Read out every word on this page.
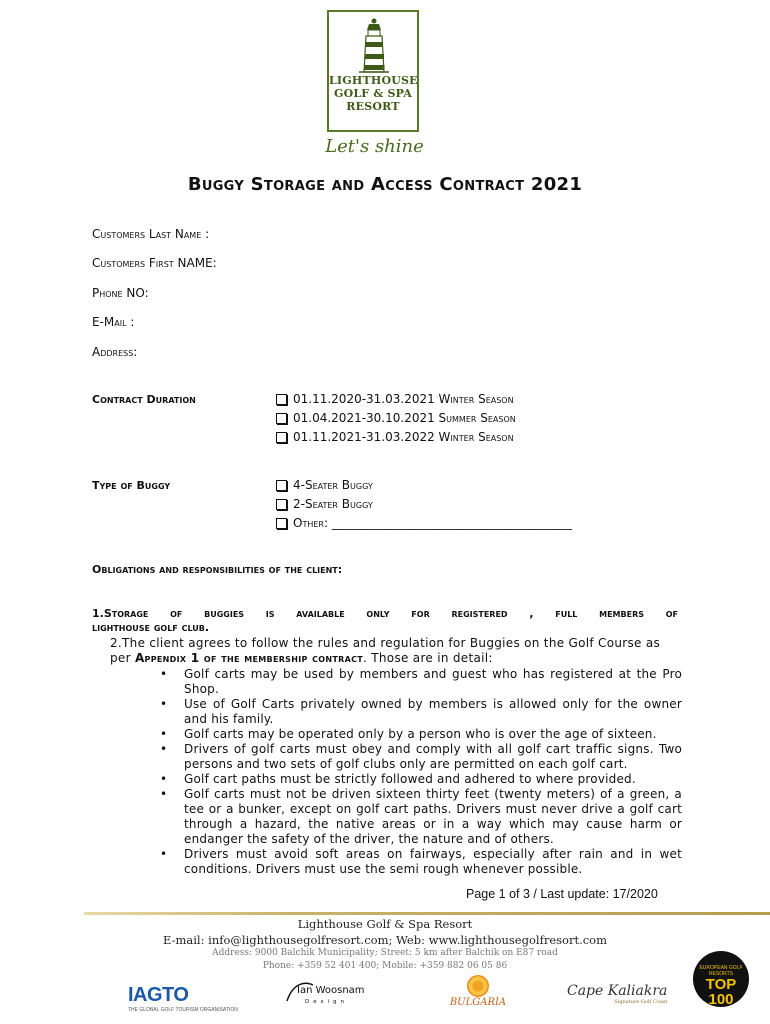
LIGHTHOUSE
GOLF & SPA
RESORT
Let's shine
Buggy Storage and Access Contract 2021
Customers Last Name :
Customers First NAME:
Phone NO:
E-Mail :
Address:
Contract Duration	01.11.2020-31.03.2021 Winter Season
01.04.2021-30.10.2021 Summer Season
01.11.2021-31.03.2022 Winter Season
Type of Buggy	4-Seater Buggy
2-Seater Buggy
Other: ________________________________________
Obligations and responsibilities of the client:
1.Storage of buggies is available only for registered , full members of
lighthouse golf club.
2.The client agrees to follow the rules and regulation for Buggies on the Golf Course as per Appendix 1 of the membership contract. Those are in detail:
• Golf carts may be used by members and guest who has registered at the Pro Shop.
• Use of Golf Carts privately owned by members is allowed only for the owner and his family.
• Golf carts may be operated only by a person who is over the age of sixteen.
• Drivers of golf carts must obey and comply with all golf cart traffic signs. Two persons and two sets of golf clubs only are permitted on each golf cart.
• Golf cart paths must be strictly followed and adhered to where provided.
• Golf carts must not be driven sixteen thirty feet (twenty meters) of a green, a tee or a bunker, except on golf cart paths. Drivers must never drive a golf cart through a hazard, the native areas or in a way which may cause harm or endanger the safety of the driver, the nature and of others.
• Drivers must avoid soft areas on fairways, especially after rain and in wet conditions. Drivers must use the semi rough whenever possible.
Page 1 of 3 / Last update: 17/2020
Lighthouse Golf & Spa Resort
E-mail: info@lighthousegolfresort.com; Web: www.lighthousegolfresort.com
Address: 9000 Balchik Municipality; Street: 5 km after Balchik on E87 road
Phone: +359 52 401 400; Mobile: +359 882 06 05 86
IAGTO
THE GLOBAL GOLF TOURISM ORGANISATION
Ian Woosnam
Design	BULGARIA
Cape Kaliakra
Signature Golf Coast
EUROPEAN GOLF RESORTS
TOP 100
2017
